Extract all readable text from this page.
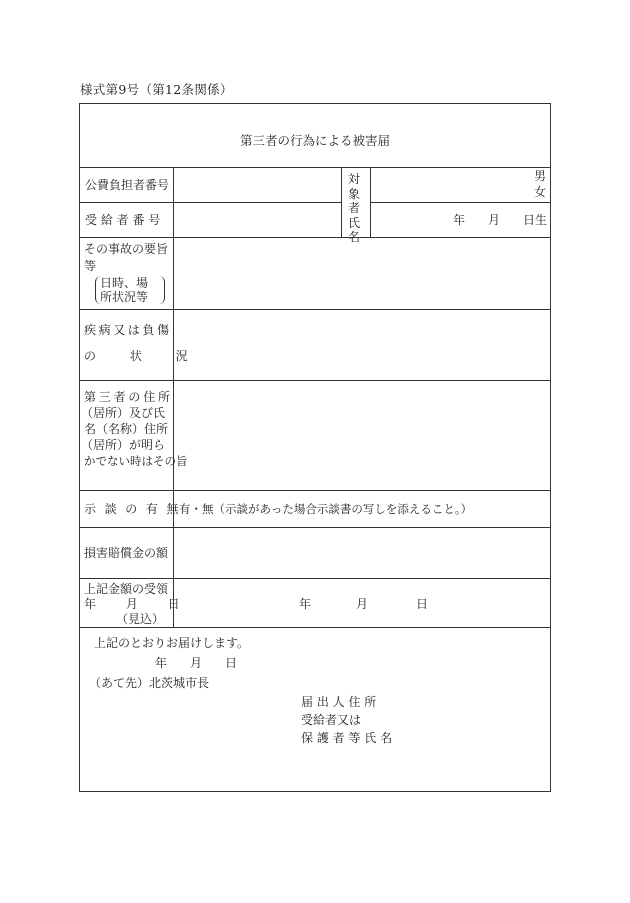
様式第9号（第12条関係）
第三者の行為による被害届
公費負担者番号
受 給 者 番 号
対象者氏名
男
女
年 月 日生
その事故の要旨等
日時、場
所状況等
疾病又は負傷
の 状 況
第三者の住所
（居所）及び氏
名（名称）住所
（居所）が明ら
かでない時はその旨
示 談 の 有 無
有・無（示談があった場合示談書の写しを添えること。）
損害賠償金の額
上記金額の受領
年 月 日
（見込）
年	月	日
上記のとおりお届けします。
年 月 日
（あて先）北茨城市長
届 出 人 住 所
受給者又は
保 護 者 等 氏 名
